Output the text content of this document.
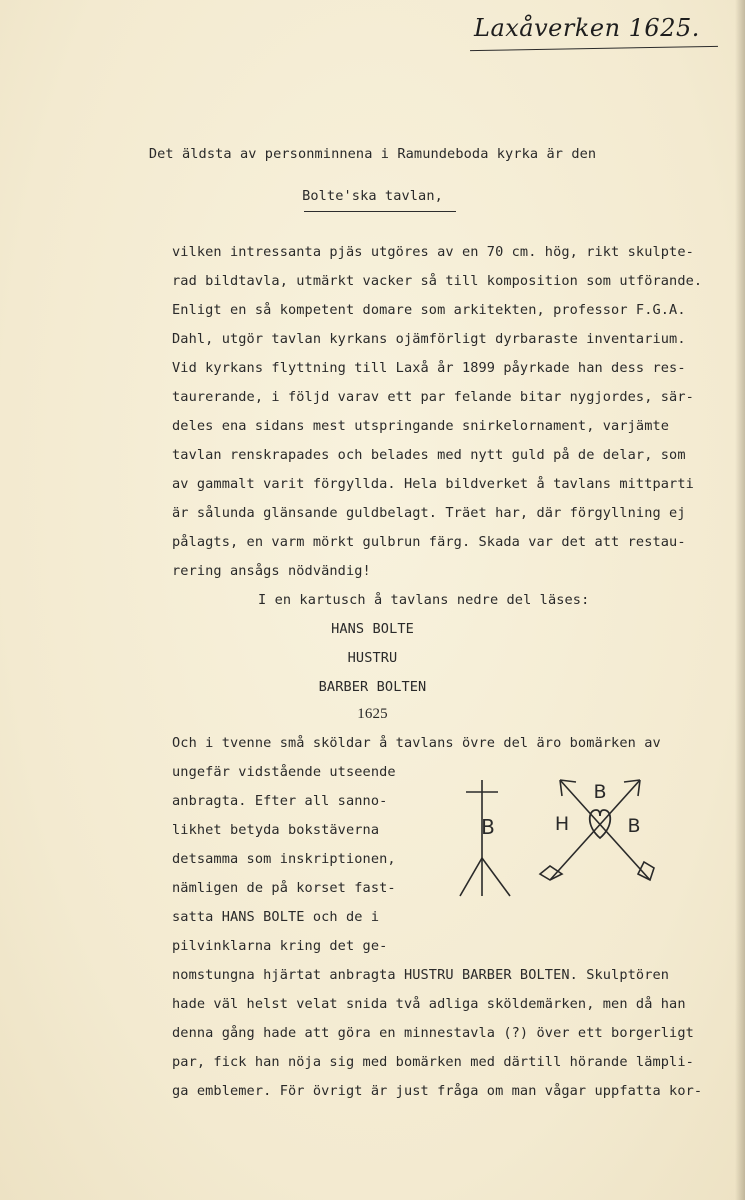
Laxåverken 1625.
Det äldsta av personminnena i Ramundeboda kyrka är den
Bolte'ska tavlan,
vilken intressanta pjäs utgöres av en 70 cm. hög, rikt skulpte-
rad bildtavla, utmärkt vacker så till komposition som utförande.
Enligt en så kompetent domare som arkitekten, professor F.G.A.
Dahl, utgör tavlan kyrkans ojämförligt dyrbaraste inventarium.
Vid kyrkans flyttning till Laxå år 1899 påyrkade han dess res-
taurerande, i följd varav ett par felande bitar nygjordes, sär-
deles ena sidans mest utspringande snirkelornament, varjämte
tavlan renskrapades och belades med nytt guld på de delar, som
av gammalt varit förgyllda. Hela bildverket å tavlans mittparti
är sålunda glänsande guldbelagt. Träet har, där förgyllning ej
pålagts, en varm mörkt gulbrun färg. Skada var det att restau-
rering ansågs nödvändig!
I en kartusch å tavlans nedre del läses:
HANS BOLTE
HUSTRU
BARBER BOLTEN
1625
Och i tvenne små sköldar å tavlans övre del äro bomärken av
ungefär vidstående utseende
anbragta. Efter all sanno-
likhet betyda bokstäverna
detsamma som inskriptionen,
nämligen de på korset fast-
satta HANS BOLTE och de i
pilvinklarna kring det ge-
nomstungna hjärtat anbragta HUSTRU BARBER BOLTEN. Skulptören
hade väl helst velat snida två adliga sköldemärken, men då han
denna gång hade att göra en minnestavla (?) över ett borgerligt
par, fick han nöja sig med bomärken med därtill hörande lämpli-
ga emblemer. För övrigt är just fråga om man vågar uppfatta kor-
B
B
H	B
